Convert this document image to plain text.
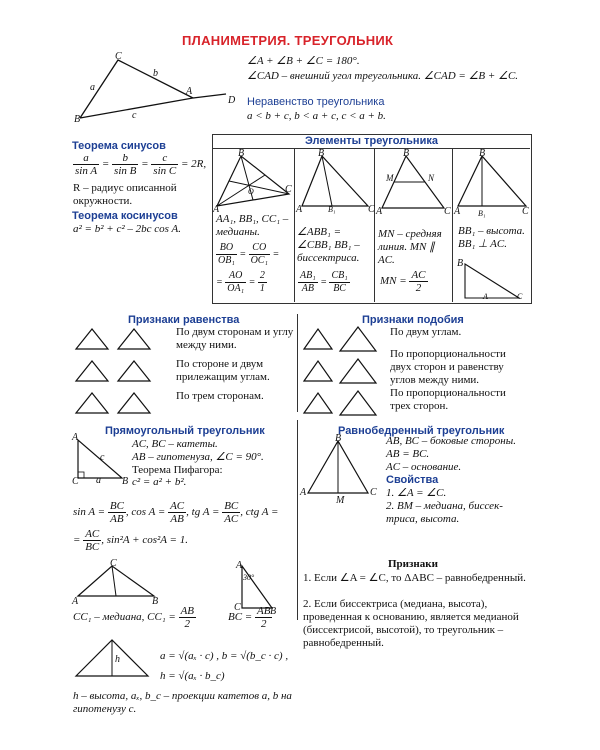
ПЛАНИМЕТРИЯ. ТРЕУГОЛЬНИК
B
C
A
D
a
b
c
∠A + ∠B + ∠C = 180°.
∠CAD – внешний угол треугольника. ∠CAD = ∠B + ∠C.
Неравенство треугольника
a < b + c, b < a + c, c < a + b.
Теорема синусов
$\frac{a}{\text{sin A}} = \frac{b}{\text{sin B}} = \frac{c}{\text{sin C}} = 2R$,
R – радиус описанной окружности.
Теорема косинусов
a² = b² + c² – 2bc cos A.
Элементы треугольника
A
B
C
O
AA₁, BB₁, CC₁ – медианы.
$\frac{BO}{\text{OB₁}} = \frac{CO}{\text{OC₁}}$ =
= $\frac{AO}{\text{OA₁}} = \frac{2}{1}$
A
B
C
B₁
∠ABB₁ = ∠CBB₁ BB₁ – биссектриса.
$\frac{\text{AB₁}}{AB} = \frac{\text{CB₁}}{BC}$
A
B
C
M	N
MN – средняя линия. MN ∥ AC.
MN = $\frac{AC}{2}$
A
B
C
B₁
BB₁ – высота. BB₁ ⊥ AC.
B
A	C
Признаки равенства
По двум сторонам и углу между ними.
По стороне и двум прилежащим углам.
По трем сторонам.
Признаки подобия
По двум углам.
По пропорциональности двух сторон и равенству углов между ними.
По пропорциональности трех сторон.
Прямоугольный треугольник
A
C	B
c
a
AC, BC – катеты.
AB – гипотенуза, ∠C = 90°.
Теорема Пифагора:
c² = a² + b².
$\sin A = \frac{BC}{AB}$ , $\cos A = \frac{AC}{AB}$ , tg $A = \frac{BC}{AC}$ , ctg A =
= $\frac{AC}{BC}$ , sin²A + cos²A = 1.
A
C
B
CC₁ – медиана, $CC_1 = \frac{AB}{2}$
A
C	B
30°
BC = $\frac{AB}{2}$
h	a = √(aₓ · c) , b = √(b_c · c) ,
h = √(aₓ · b_c)
h – высота, aₓ, b_c – проекции катетов a, b на гипотенузу c.
Равнобедренный треугольник
A
B
C
M
AB, BC – боковые стороны.
AB = BC.
AC – основание.
Свойства
1. ∠A = ∠C.
2. BM – медиана, биссектриса, высота.
Признаки
1. Если ∠A = ∠C, то ΔABC – равнобедренный.
2. Если биссектриса (медиана, высота), проведенная к основанию, является медианой (биссектрисой, высотой), то треугольник – равнобедренный.
